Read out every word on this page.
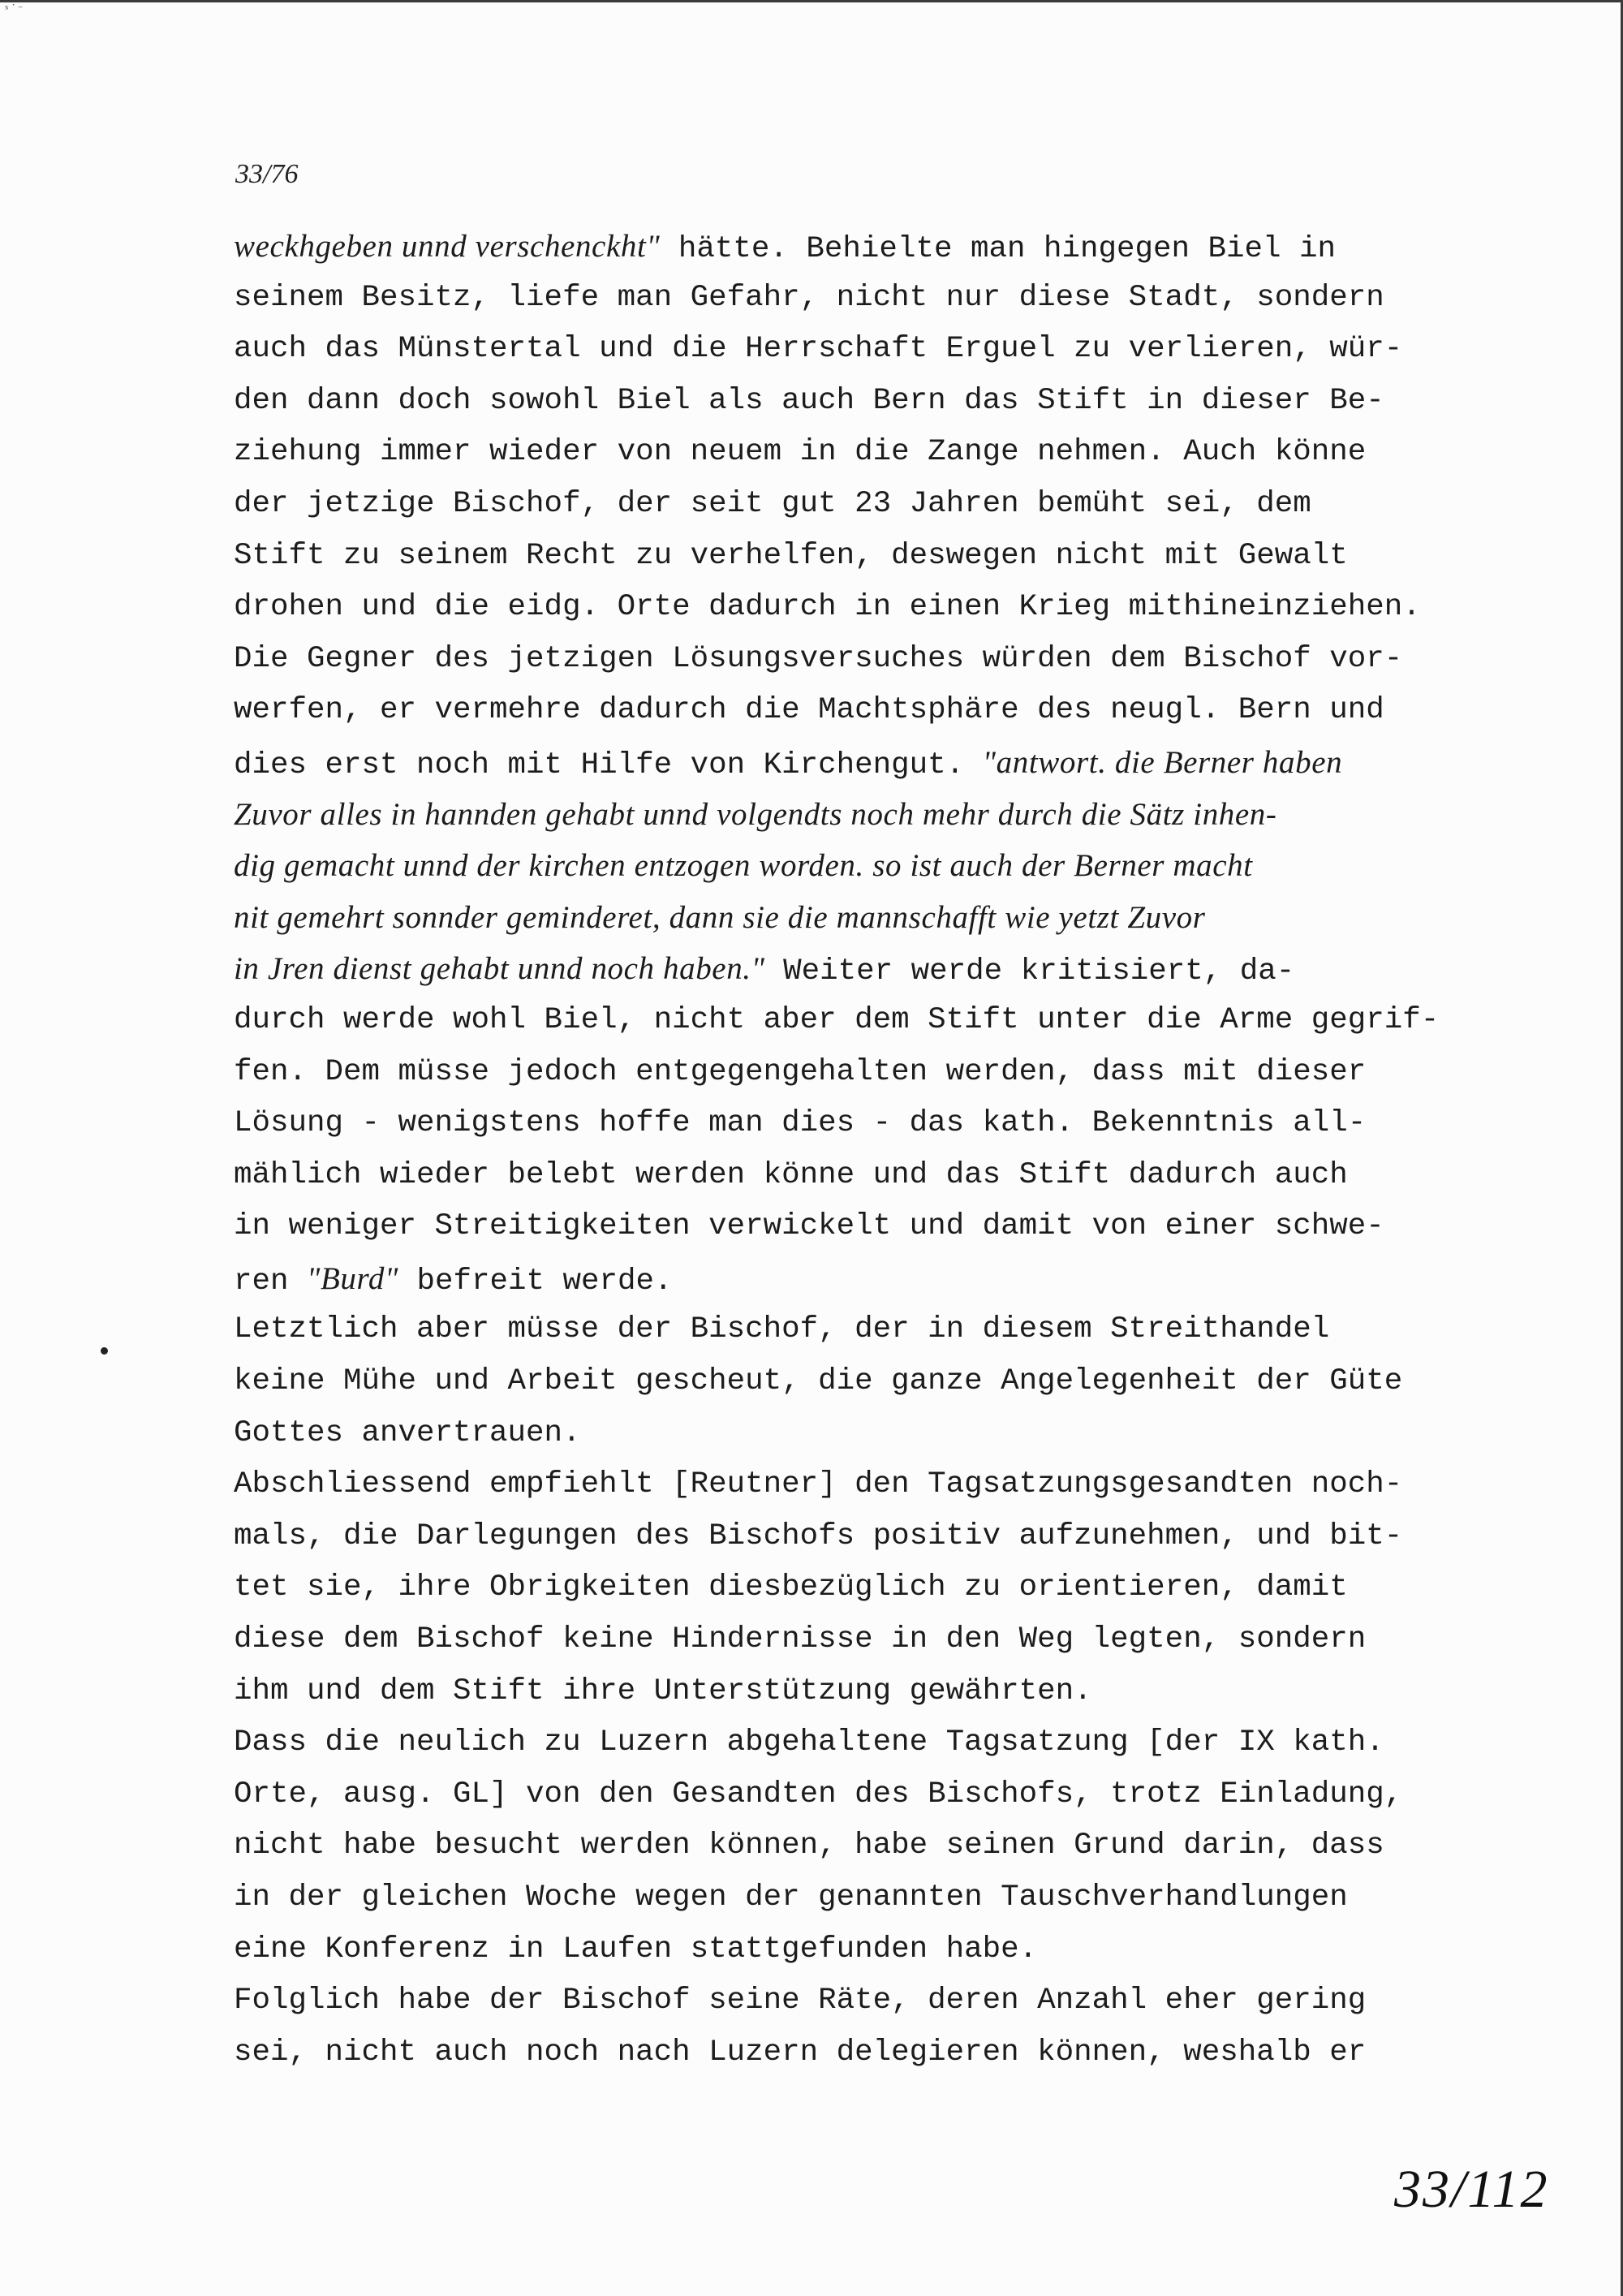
ˢ˙⁻
33/76
weckhgeben unnd verschenckht" hätte. Behielte man hingegen Biel in
seinem Besitz, liefe man Gefahr, nicht nur diese Stadt, sondern
auch das Münstertal und die Herrschaft Erguel zu verlieren, wür-
den dann doch sowohl Biel als auch Bern das Stift in dieser Be-
ziehung immer wieder von neuem in die Zange nehmen. Auch könne
der jetzige Bischof, der seit gut 23 Jahren bemüht sei, dem
Stift zu seinem Recht zu verhelfen, deswegen nicht mit Gewalt
drohen und die eidg. Orte dadurch in einen Krieg mithineinziehen.
Die Gegner des jetzigen Lösungsversuches würden dem Bischof vor-
werfen, er vermehre dadurch die Machtsphäre des neugl. Bern und
dies erst noch mit Hilfe von Kirchengut. "antwort. die Berner haben
Zuvor alles in hannden gehabt unnd volgendts noch mehr durch die Sätz inhen-
dig gemacht unnd der kirchen entzogen worden. so ist auch der Berner macht
nit gemehrt sonnder geminderet, dann sie die mannschafft wie yetzt Zuvor
in Jren dienst gehabt unnd noch haben." Weiter werde kritisiert, da-
durch werde wohl Biel, nicht aber dem Stift unter die Arme gegrif-
fen. Dem müsse jedoch entgegengehalten werden, dass mit dieser
Lösung - wenigstens hoffe man dies - das kath. Bekenntnis all-
mählich wieder belebt werden könne und das Stift dadurch auch
in weniger Streitigkeiten verwickelt und damit von einer schwe-
ren "Burd" befreit werde.
Letztlich aber müsse der Bischof, der in diesem Streithandel
keine Mühe und Arbeit gescheut, die ganze Angelegenheit der Güte
Gottes anvertrauen.
Abschliessend empfiehlt [Reutner] den Tagsatzungsgesandten noch-
mals, die Darlegungen des Bischofs positiv aufzunehmen, und bit-
tet sie, ihre Obrigkeiten diesbezüglich zu orientieren, damit
diese dem Bischof keine Hindernisse in den Weg legten, sondern
ihm und dem Stift ihre Unterstützung gewährten.
Dass die neulich zu Luzern abgehaltene Tagsatzung [der IX kath.
Orte, ausg. GL] von den Gesandten des Bischofs, trotz Einladung,
nicht habe besucht werden können, habe seinen Grund darin, dass
in der gleichen Woche wegen der genannten Tauschverhandlungen
eine Konferenz in Laufen stattgefunden habe.
Folglich habe der Bischof seine Räte, deren Anzahl eher gering
sei, nicht auch noch nach Luzern delegieren können, weshalb er
33/112
